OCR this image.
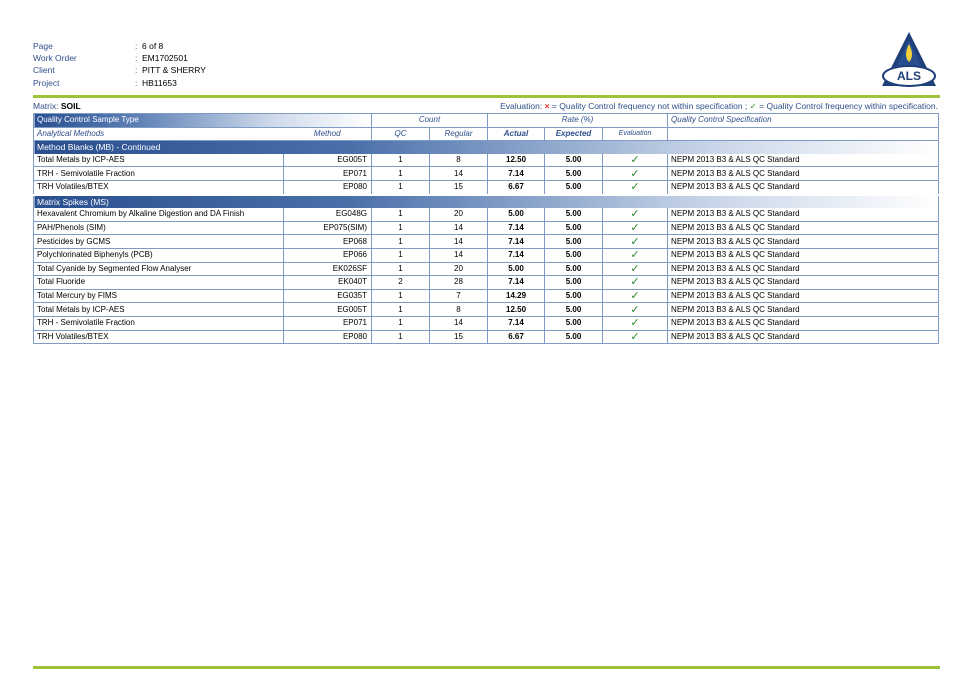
Page	: 6 of 8
Work Order	: EM1702501
Client	: PITT & SHERRY
Project	: HB11653	ALS
Matrix: SOIL	Evaluation: × = Quality Control frequency not within specification ; ✓ = Quality Control frequency within specification.
Quality Control Sample Type		Count		Rate (%)			Quality Control Specification
Analytical Methods	Method	QC	Regular	Actual	Expected	Evaluation	
Method Blanks (MB) - Continued							
Total Metals by ICP-AES	EG005T	1	8	12.50	5.00	✓	NEPM 2013 B3 & ALS QC Standard
TRH - Semivolatile Fraction	EP071	1	14	7.14	5.00	✓	NEPM 2013 B3 & ALS QC Standard
TRH Volatiles/BTEX	EP080	1	15	6.67	5.00	✓	NEPM 2013 B3 & ALS QC Standard
Matrix Spikes (MS)							
Hexavalent Chromium by Alkaline Digestion and DA Finish	EG048G	1	20	5.00	5.00	✓	NEPM 2013 B3 & ALS QC Standard
PAH/Phenols (SIM)	EP075(SIM)	1	14	7.14	5.00	✓	NEPM 2013 B3 & ALS QC Standard
Pesticides by GCMS	EP068	1	14	7.14	5.00	✓	NEPM 2013 B3 & ALS QC Standard
Polychlorinated Biphenyls (PCB)	EP066	1	14	7.14	5.00	✓	NEPM 2013 B3 & ALS QC Standard
Total Cyanide by Segmented Flow Analyser	EK026SF	1	20	5.00	5.00	✓	NEPM 2013 B3 & ALS QC Standard
Total Fluoride	EK040T	2	28	7.14	5.00	✓	NEPM 2013 B3 & ALS QC Standard
Total Mercury by FIMS	EG035T	1	7	14.29	5.00	✓	NEPM 2013 B3 & ALS QC Standard
Total Metals by ICP-AES	EG005T	1	8	12.50	5.00	✓	NEPM 2013 B3 & ALS QC Standard
TRH - Semivolatile Fraction	EP071	1	14	7.14	5.00	✓	NEPM 2013 B3 & ALS QC Standard
TRH Volatiles/BTEX	EP080	1	15	6.67	5.00	✓	NEPM 2013 B3 & ALS QC Standard
